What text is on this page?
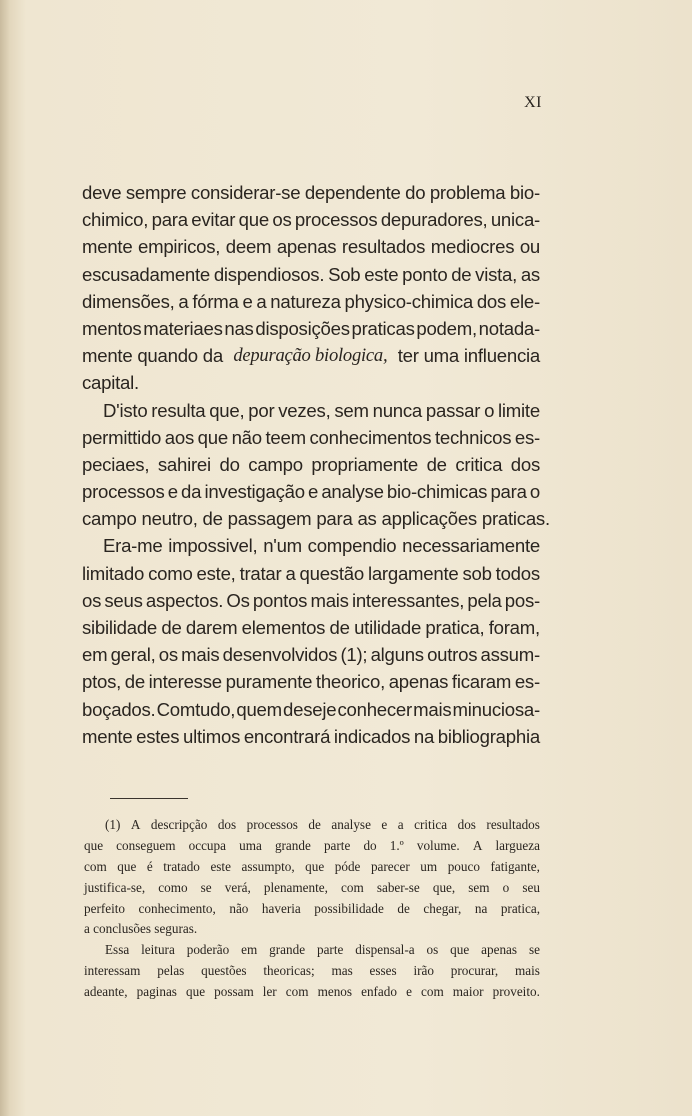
XI
deve sempre considerar-se dependente do problema bio-
chimico, para evitar que os processos depuradores, unica-
mente empiricos, deem apenas resultados mediocres ou
escusadamente dispendiosos. Sob este ponto de vista, as
dimensões, a fórma e a natureza physico-chimica dos ele-
mentos materiaes nas disposições praticas podem, notada-
mente quando da depuração biologica, ter uma influencia
capital.
D'isto resulta que, por vezes, sem nunca passar o limite
permittido aos que não teem conhecimentos technicos es-
peciaes, sahirei do campo propriamente de critica dos
processos e da investigação e analyse bio-chimicas para o
campo neutro, de passagem para as applicações praticas.
Era-me impossivel, n'um compendio necessariamente
limitado como este, tratar a questão largamente sob todos
os seus aspectos. Os pontos mais interessantes, pela pos-
sibilidade de darem elementos de utilidade pratica, foram,
em geral, os mais desenvolvidos (1); alguns outros assum-
ptos, de interesse puramente theorico, apenas ficaram es-
boçados. Comtudo, quem deseje conhecer mais minuciosa-
mente estes ultimos encontrará indicados na bibliographia
(1) A descripção dos processos de analyse e a critica dos resultados
que conseguem occupa uma grande parte do 1.º volume. A largueza
com que é tratado este assumpto, que póde parecer um pouco fatigante,
justifica-se, como se verá, plenamente, com saber-se que, sem o seu
perfeito conhecimento, não haveria possibilidade de chegar, na pratica,
a conclusões seguras.
Essa leitura poderão em grande parte dispensal-a os que apenas se
interessam pelas questões theoricas; mas esses irão procurar, mais
adeante, paginas que possam ler com menos enfado e com maior proveito.
